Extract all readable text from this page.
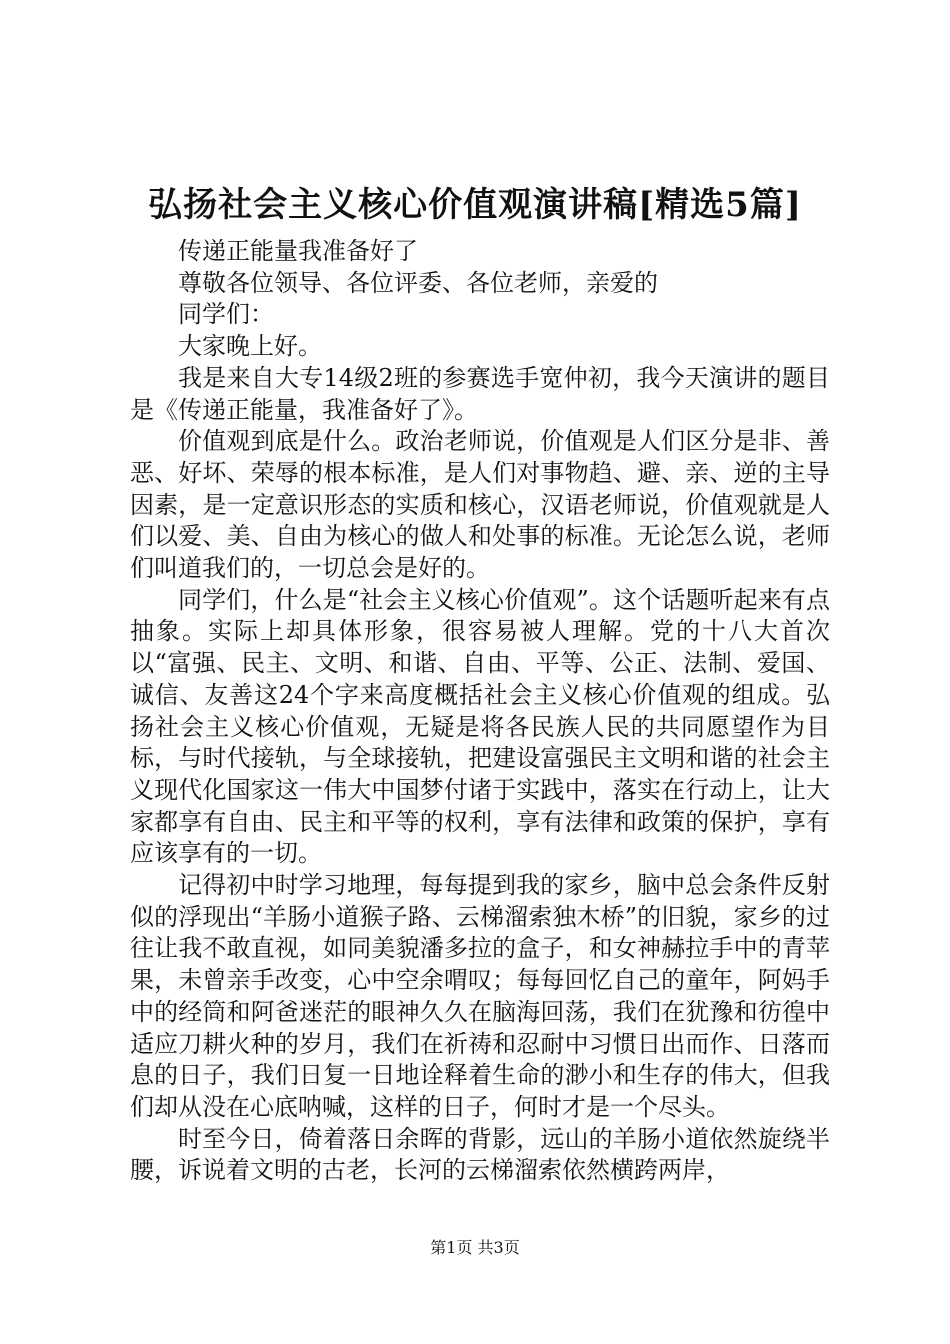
弘扬社会主义核心价值观演讲稿[精选5篇]

传递正能量我准备好了

尊敬各位领导、各位评委、各位老师，亲爱的

同学们：

大家晚上好。

我是来自大专14级2班的参赛选手宽仲初，我今天演讲的题目是《传递正能量，我准备好了》。

价值观到底是什么。政治老师说，价值观是人们区分是非、善恶、好坏、荣辱的根本标准，是人们对事物趋、避、亲、逆的主导因素，是一定意识形态的实质和核心，汉语老师说，价值观就是人们以爱、美、自由为核心的做人和处事的标准。无论怎么说，老师们叫道我们的，一切总会是好的。

同学们，什么是“社会主义核心价值观”。这个话题听起来有点抽象。实际上却具体形象，很容易被人理解。党的十八大首次以“富强、民主、文明、和谐、自由、平等、公正、法制、爱国、诚信、友善这24个字来高度概括社会主义核心价值观的组成。弘扬社会主义核心价值观，无疑是将各民族人民的共同愿望作为目标，与时代接轨，与全球接轨，把建设富强民主文明和谐的社会主义现代化国家这一伟大中国梦付诸于实践中，落实在行动上，让大家都享有自由、民主和平等的权利，享有法律和政策的保护，享有应该享有的一切。

记得初中时学习地理，每每提到我的家乡，脑中总会条件反射似的浮现出“羊肠小道猴子路、云梯溜索独木桥”的旧貌，家乡的过往让我不敢直视，如同美貌潘多拉的盒子，和女神赫拉手中的青苹果，未曾亲手改变，心中空余喟叹；每每回忆自己的童年，阿妈手中的经筒和阿爸迷茫的眼神久久在脑海回荡，我们在犹豫和彷徨中适应刀耕火种的岁月，我们在祈祷和忍耐中习惯日出而作、日落而息的日子，我们日复一日地诠释着生命的渺小和生存的伟大，但我们却从没在心底呐喊，这样的日子，何时才是一个尽头。

时至今日，倚着落日余晖的背影，远山的羊肠小道依然旋绕半腰，诉说着文明的古老，长河的云梯溜索依然横跨两岸，

第1页 共3页
